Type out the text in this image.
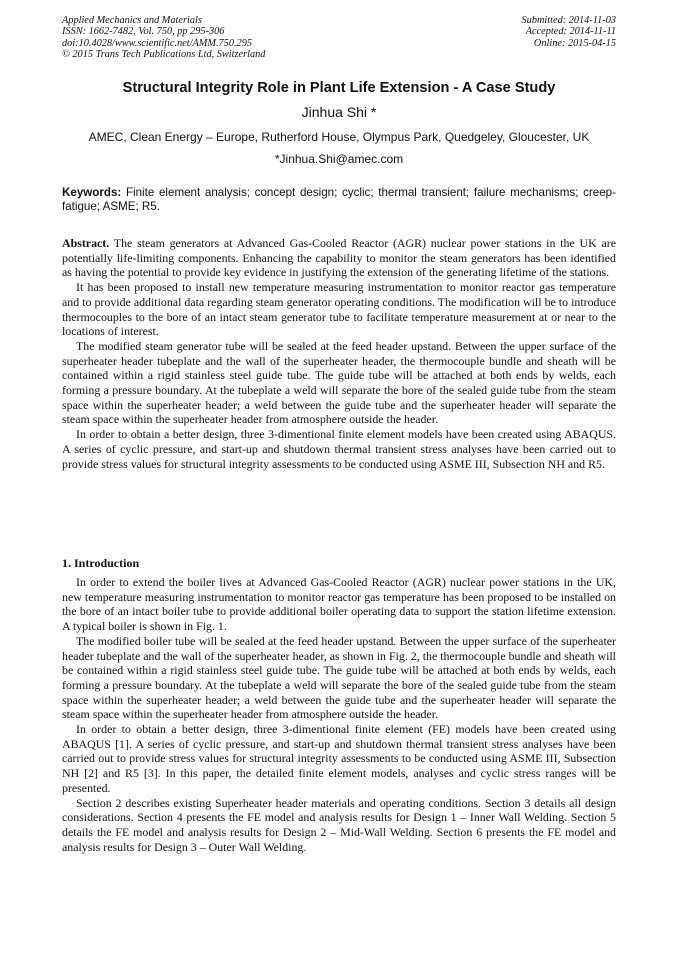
Applied Mechanics and Materials
ISSN: 1662-7482, Vol. 750, pp 295-306
doi:10.4028/www.scientific.net/AMM.750.295
© 2015 Trans Tech Publications Ltd, Switzerland
Submitted: 2014-11-03
Accepted: 2014-11-11
Online: 2015-04-15
Structural Integrity Role in Plant Life Extension - A Case Study
Jinhua Shi *
AMEC, Clean Energy – Europe, Rutherford House, Olympus Park, Quedgeley, Gloucester, UK
*Jinhua.Shi@amec.com
Keywords: Finite element analysis; concept design; cyclic; thermal transient; failure mechanisms; creep-fatigue; ASME; R5.

Abstract. The steam generators at Advanced Gas-Cooled Reactor (AGR) nuclear power stations in the UK are potentially life-limiting components. Enhancing the capability to monitor the steam generators has been identified as having the potential to provide key evidence in justifying the extension of the generating lifetime of the stations.

It has been proposed to install new temperature measuring instrumentation to monitor reactor gas temperature and to provide additional data regarding steam generator operating conditions. The modification will be to introduce thermocouples to the bore of an intact steam generator tube to facilitate temperature measurement at or near to the locations of interest.

The modified steam generator tube will be sealed at the feed header upstand. Between the upper surface of the superheater header tubeplate and the wall of the superheater header, the thermocouple bundle and sheath will be contained within a rigid stainless steel guide tube. The guide tube will be attached at both ends by welds, each forming a pressure boundary. At the tubeplate a weld will separate the bore of the sealed guide tube from the steam space within the superheater header; a weld between the guide tube and the superheater header will separate the steam space within the superheater header from atmosphere outside the header.

In order to obtain a better design, three 3-dimentional finite element models have been created using ABAQUS. A series of cyclic pressure, and start-up and shutdown thermal transient stress analyses have been carried out to provide stress values for structural integrity assessments to be conducted using ASME III, Subsection NH and R5.

1. Introduction

In order to extend the boiler lives at Advanced Gas-Cooled Reactor (AGR) nuclear power stations in the UK, new temperature measuring instrumentation to monitor reactor gas temperature has been proposed to be installed on the bore of an intact boiler tube to provide additional boiler operating data to support the station lifetime extension. A typical boiler is shown in Fig. 1.

The modified boiler tube will be sealed at the feed header upstand. Between the upper surface of the superheater header tubeplate and the wall of the superheater header, as shown in Fig. 2, the thermocouple bundle and sheath will be contained within a rigid stainless steel guide tube. The guide tube will be attached at both ends by welds, each forming a pressure boundary. At the tubeplate a weld will separate the bore of the sealed guide tube from the steam space within the superheater header; a weld between the guide tube and the superheater header will separate the steam space within the superheater header from atmosphere outside the header.

In order to obtain a better design, three 3-dimentional finite element (FE) models have been created using ABAQUS [1]. A series of cyclic pressure, and start-up and shutdown thermal transient stress analyses have been carried out to provide stress values for structural integrity assessments to be conducted using ASME III, Subsection NH [2] and R5 [3]. In this paper, the detailed finite element models, analyses and cyclic stress ranges will be presented.

Section 2 describes existing Superheater header materials and operating conditions. Section 3 details all design considerations. Section 4 presents the FE model and analysis results for Design 1 – Inner Wall Welding. Section 5 details the FE model and analysis results for Design 2 – Mid-Wall Welding. Section 6 presents the FE model and analysis results for Design 3 – Outer Wall Welding.
